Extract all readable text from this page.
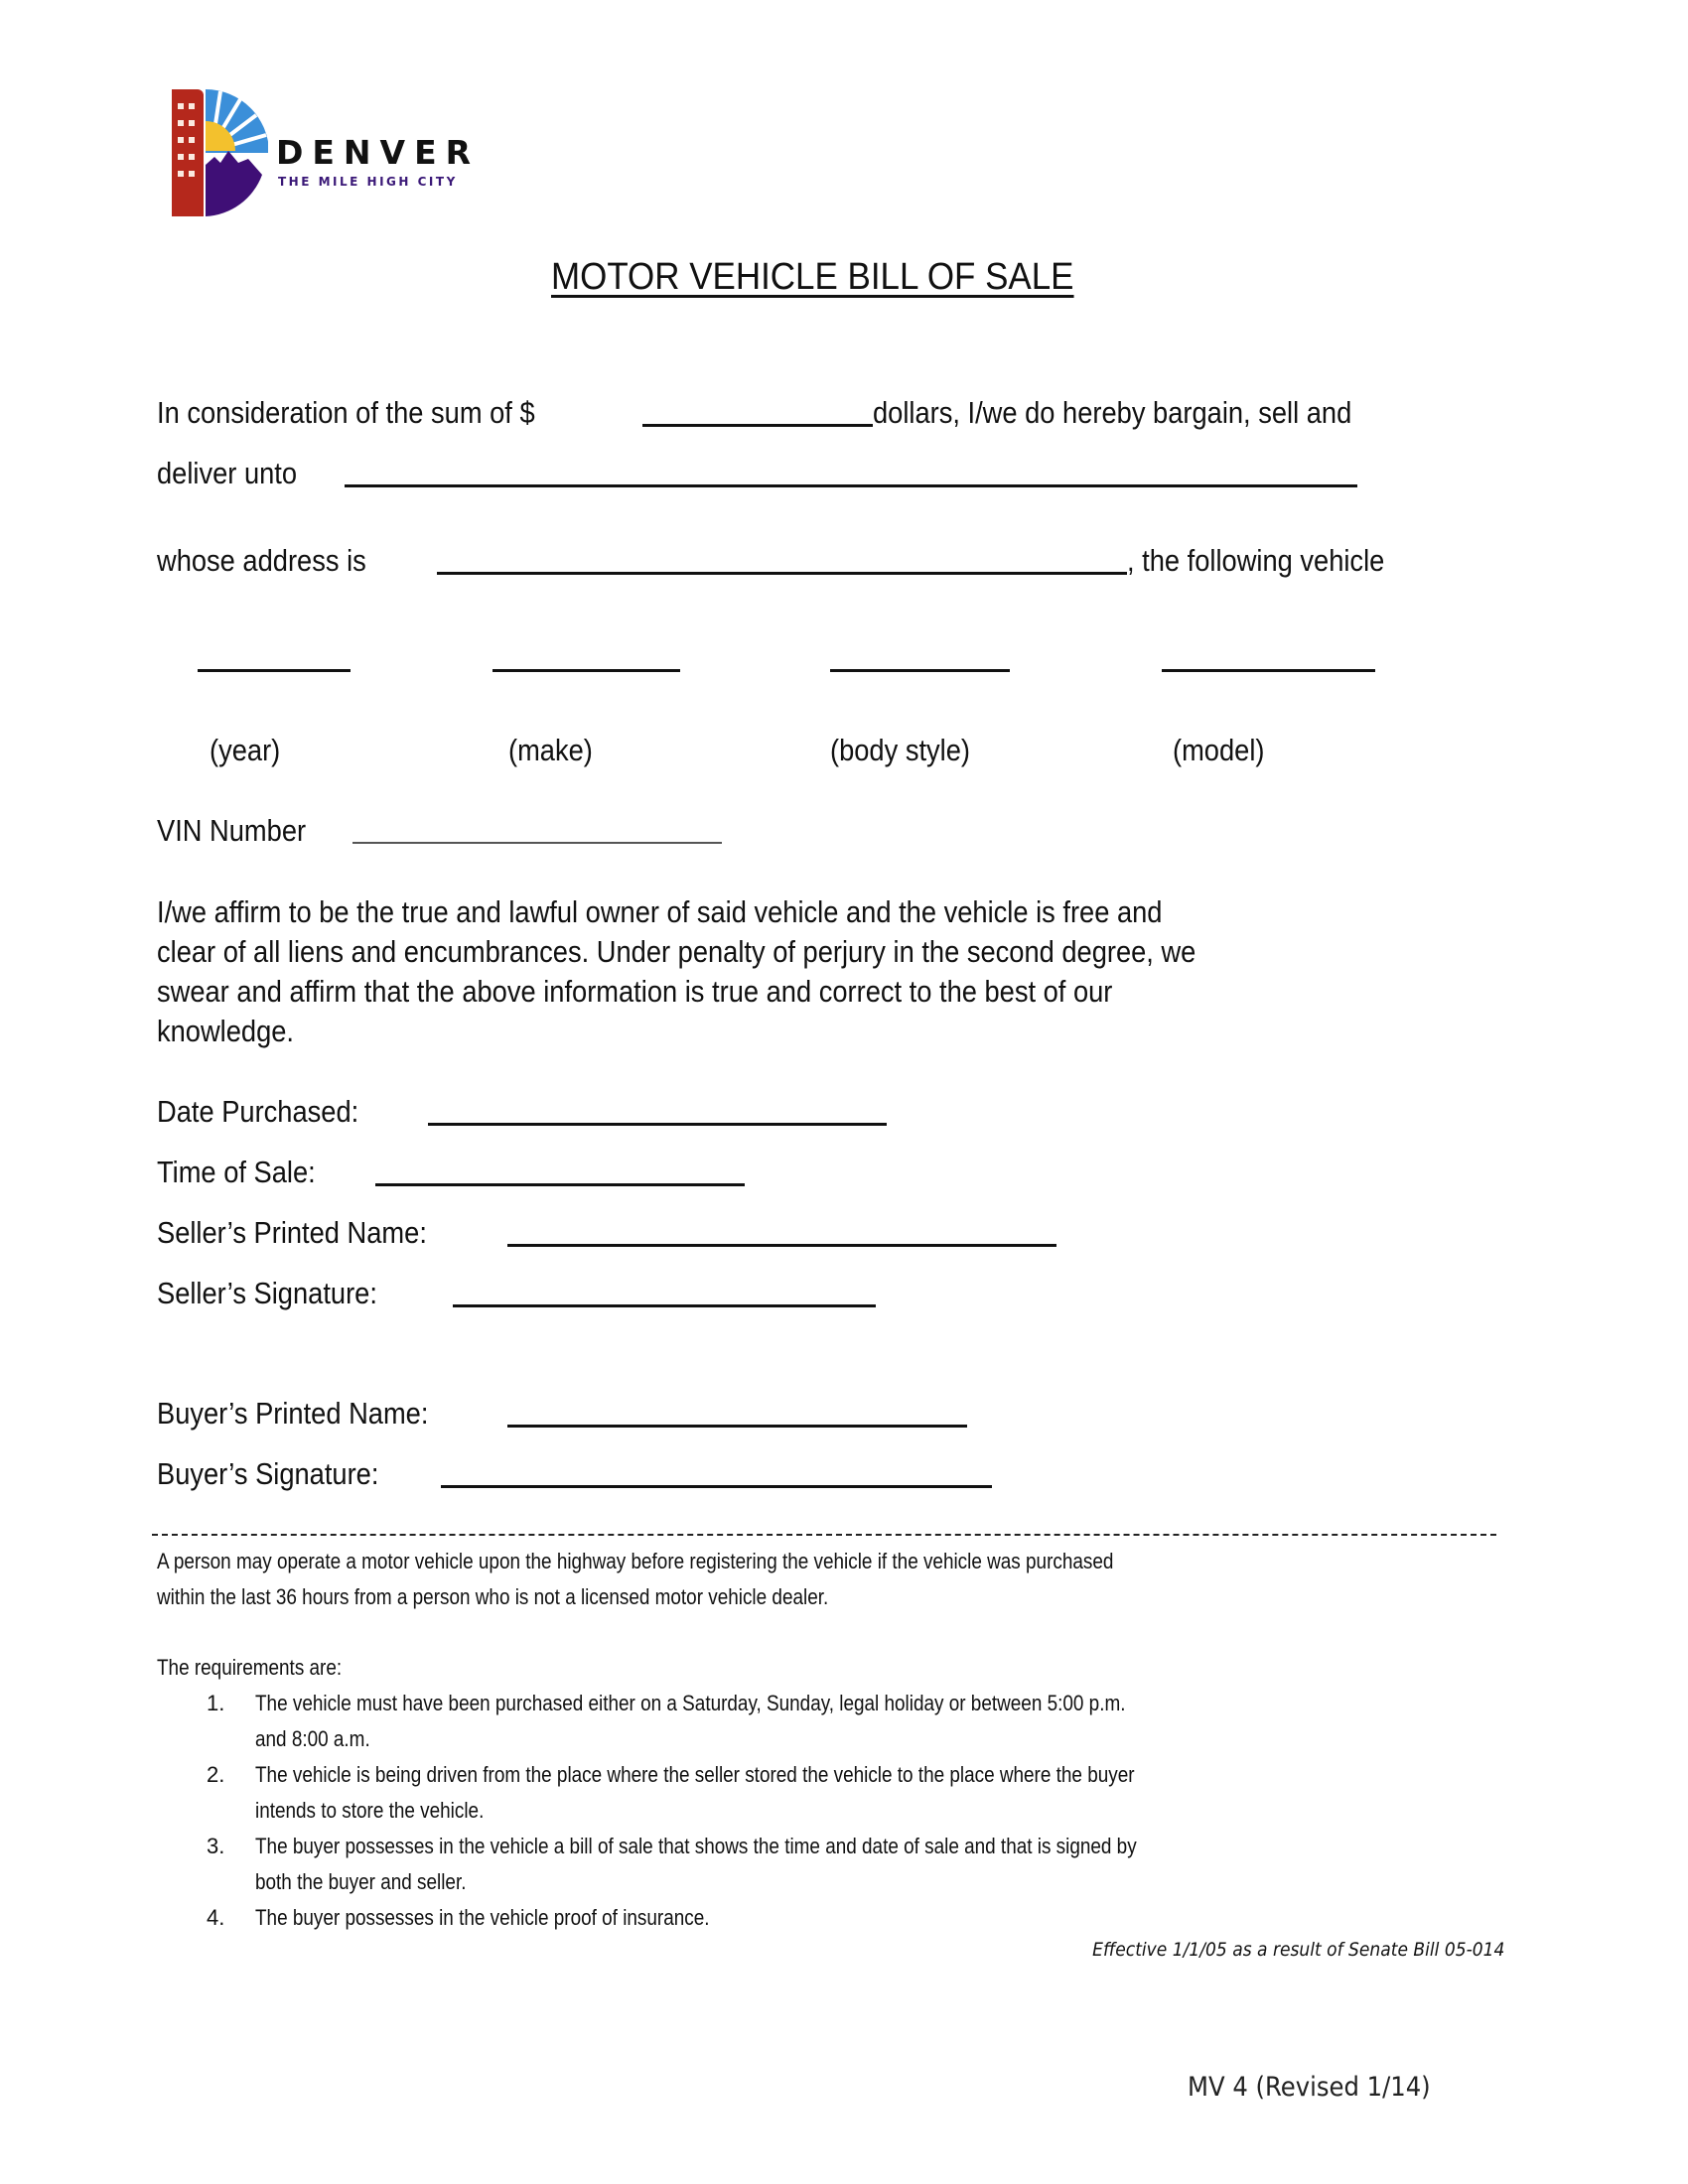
DENVER
THE MILE HIGH CITY
MOTOR VEHICLE BILL OF SALE
In consideration of the sum of $	dollars, I/we do hereby bargain, sell and
deliver unto
whose address is	, the following vehicle
(year)	(make)	(body style)	(model)
VIN Number
I/we affirm to be the true and lawful owner of said vehicle and the vehicle is free and
clear of all liens and encumbrances. Under penalty of perjury in the second degree, we
swear and affirm that the above information is true and correct to the best of our
knowledge.
Date Purchased:
Time of Sale:
Seller’s Printed Name:
Seller’s Signature:
Buyer’s Printed Name:
Buyer’s Signature:
A person may operate a motor vehicle upon the highway before registering the vehicle if the vehicle was purchased
within the last 36 hours from a person who is not a licensed motor vehicle dealer.
The requirements are:
1. The vehicle must have been purchased either on a Saturday, Sunday, legal holiday or between 5:00 p.m.
and 8:00 a.m.
2. The vehicle is being driven from the place where the seller stored the vehicle to the place where the buyer
intends to store the vehicle.
3. The buyer possesses in the vehicle a bill of sale that shows the time and date of sale and that is signed by
both the buyer and seller.
4. The buyer possesses in the vehicle proof of insurance.
Effective 1/1/05 as a result of Senate Bill 05-014
MV 4 (Revised 1/14)
